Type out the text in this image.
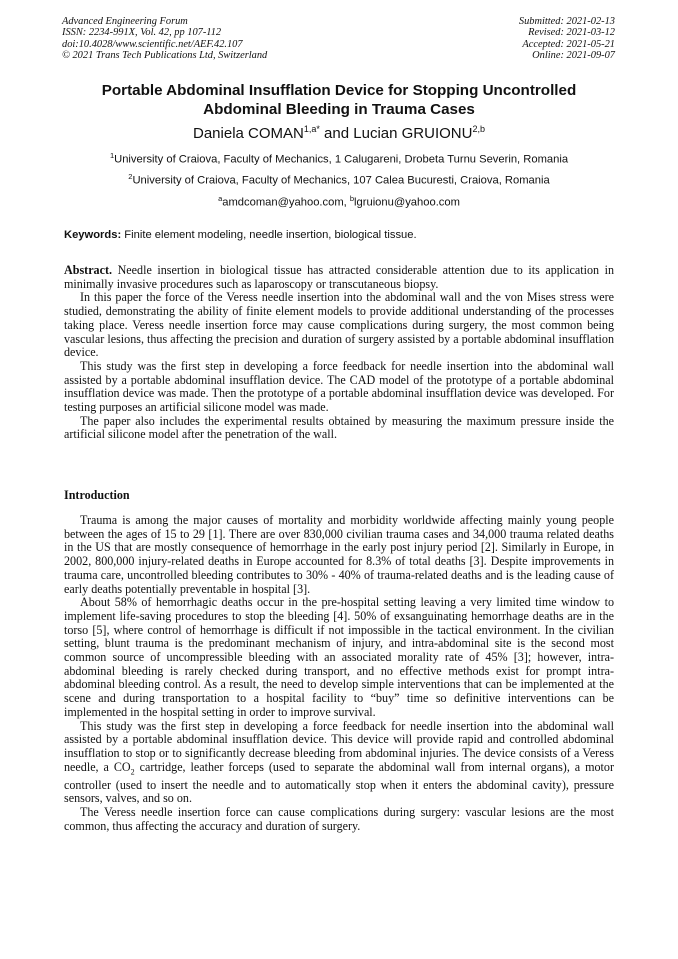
Advanced Engineering Forum
ISSN: 2234-991X, Vol. 42, pp 107-112
doi:10.4028/www.scientific.net/AEF.42.107
© 2021 Trans Tech Publications Ltd, Switzerland
Submitted: 2021-02-13
Revised: 2021-03-12
Accepted: 2021-05-21
Online: 2021-09-07
Portable Abdominal Insufflation Device for Stopping Uncontrolled
Abdominal Bleeding in Trauma Cases
Daniela $COMAN^{1,a*}$ and Lucian GRUIONU$^{2,b}$
$^1$University of Craiova, Faculty of Mechanics, 1 Calugareni, Drobeta Turnu Severin, Romania
$^2$University of Craiova, Faculty of Mechanics, 107 Calea Bucuresti, Craiova, Romania
$^a$amdcoman@yahoo.com, $^b$lgruionu@yahoo.com
Keywords: Finite element modeling, needle insertion, biological tissue.

Abstract. Needle insertion in biological tissue has attracted considerable attention due to its application in minimally invasive procedures such as laparoscopy or transcutaneous biopsy.

In this paper the force of the Veress needle insertion into the abdominal wall and the von Mises stress were studied, demonstrating the ability of finite element models to provide additional understanding of the processes taking place. Veress needle insertion force may cause complications during surgery, the most common being vascular lesions, thus affecting the precision and duration of surgery assisted by a portable abdominal insufflation device.

This study was the first step in developing a force feedback for needle insertion into the abdominal wall assisted by a portable abdominal insufflation device. The CAD model of the prototype of a portable abdominal insufflation device was made. Then the prototype of a portable abdominal insufflation device was developed. For testing purposes an artificial silicone model was made.

The paper also includes the experimental results obtained by measuring the maximum pressure inside the artificial silicone model after the penetration of the wall.

Introduction

Trauma is among the major causes of mortality and morbidity worldwide affecting mainly young people between the ages of 15 to 29 [1]. There are over 830,000 civilian trauma cases and 34,000 trauma related deaths in the US that are mostly consequence of hemorrhage in the early post injury period [2]. Similarly in Europe, in 2002, 800,000 injury-related deaths in Europe accounted for 8.3% of total deaths [3]. Despite improvements in trauma care, uncontrolled bleeding contributes to 30% - 40% of trauma-related deaths and is the leading cause of early deaths potentially preventable in hospital [3].

About 58% of hemorrhagic deaths occur in the pre-hospital setting leaving a very limited time window to implement life-saving procedures to stop the bleeding [4]. 50% of exsanguinating hemorrhage deaths are in the torso [5], where control of hemorrhage is difficult if not impossible in the tactical environment. In the civilian setting, blunt trauma is the predominant mechanism of injury, and intra-abdominal site is the second most common source of uncompressible bleeding with an associated morality rate of 45% [3]; however, intra-abdominal bleeding is rarely checked during transport, and no effective methods exist for prompt intra-abdominal bleeding control. As a result, the need to develop simple interventions that can be implemented at the scene and during transportation to a hospital facility to “buy” time so definitive interventions can be implemented in the hospital setting in order to improve survival.

This study was the first step in developing a force feedback for needle insertion into the abdominal wall assisted by a portable abdominal insufflation device. This device will provide rapid and controlled abdominal insufflation to stop or to significantly decrease bleeding from abdominal injuries. The device consists of a Veress needle, a $CO_2$ cartridge, leather forceps (used to separate the abdominal wall from internal organs), a motor controller (used to insert the needle and to automatically stop when it enters the abdominal cavity), pressure sensors, valves, and so on.

The Veress needle insertion force can cause complications during surgery: vascular lesions are the most common, thus affecting the accuracy and duration of surgery.
